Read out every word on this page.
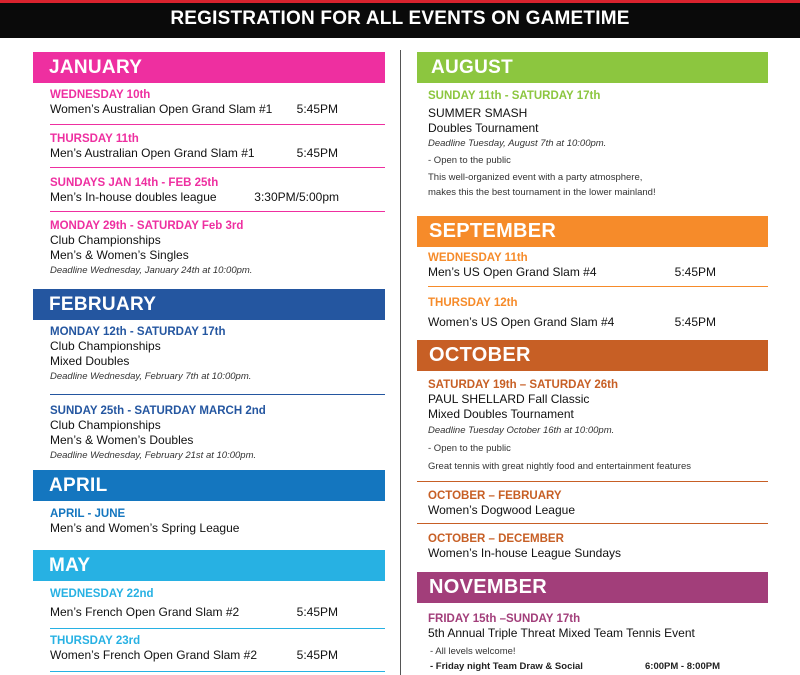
REGISTRATION FOR ALL EVENTS ON GAMETIME
JANUARY
WEDNESDAY 10th
Women’s Australian Open Grand Slam #1 5:45PM
THURSDAY 11th
Men’s Australian Open Grand Slam #1	5:45PM
SUNDAYS JAN 14th - FEB 25th
Men’s In-house doubles league	3:30PM/5:00pm
MONDAY 29th - SATURDAY Feb 3rd
Club Championships
Men’s & Women’s Singles
Deadline Wednesday, January 24th at 10:00pm.
FEBRUARY
MONDAY 12th - SATURDAY 17th
Club Championships
Mixed Doubles
Deadline Wednesday, February 7th at 10:00pm.
SUNDAY 25th - SATURDAY MARCH 2nd
Club Championships
Men’s & Women’s Doubles
Deadline Wednesday, February 21st at 10:00pm.
APRIL
APRIL - JUNE
Men’s and Women’s Spring League
MAY
WEDNESDAY 22nd
Men’s French Open Grand Slam #2	5:45PM
THURSDAY 23rd
Women’s French Open Grand Slam #2	5:45PM
AUGUST
SUNDAY 11th - SATURDAY 17th
SUMMER SMASH
Doubles Tournament
Deadline Tuesday, August 7th at 10:00pm.
- Open to the public
This well-organized event with a party atmosphere,
makes this the best tournament in the lower mainland!
SEPTEMBER
WEDNESDAY 11th
Men’s US Open Grand Slam #4	5:45PM
THURSDAY 12th
Women’s US Open Grand Slam #4	5:45PM
OCTOBER
SATURDAY 19th – SATURDAY 26th
PAUL SHELLARD Fall Classic
Mixed Doubles Tournament
Deadline Tuesday October 16th at 10:00pm.
- Open to the public
Great tennis with great nightly food and entertainment features
OCTOBER – FEBRUARY
Women’s Dogwood League
OCTOBER – DECEMBER
Women’s In-house League Sundays
NOVEMBER
FRIDAY 15th –SUNDAY 17th
5th Annual Triple Threat Mixed Team Tennis Event
- All levels welcome!
- Friday night Team Draw & Social	6:00PM - 8:00PM
